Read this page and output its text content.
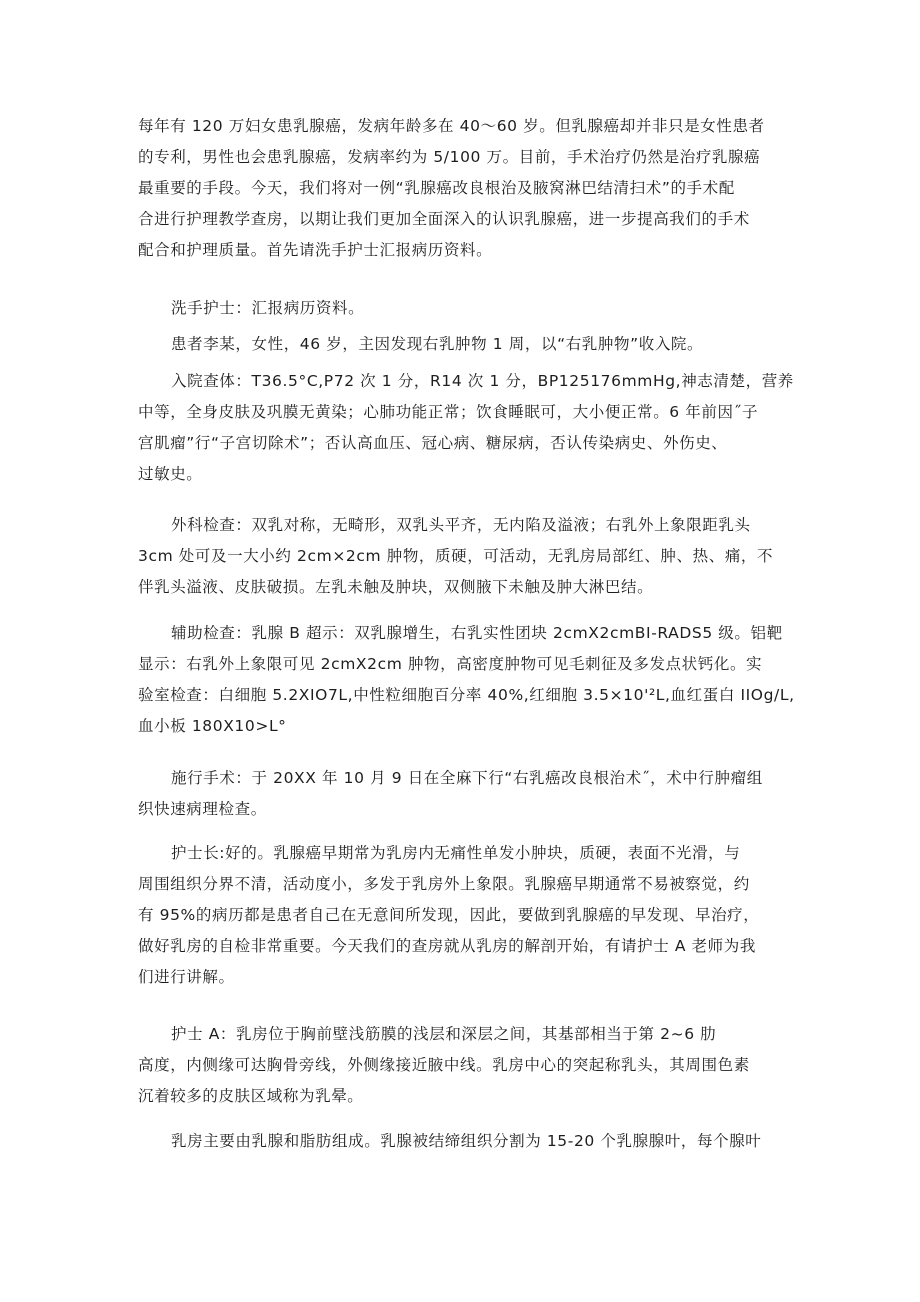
每年有 120 万妇女患乳腺癌，发病年龄多在 40～60 岁。但乳腺癌却并非只是女性患者
的专利，男性也会患乳腺癌，发病率约为 5/100 万。目前，手术治疗仍然是治疗乳腺癌
最重要的手段。今天，我们将对一例“乳腺癌改良根治及腋窝淋巴结清扫术”的手术配
合进行护理教学查房，以期让我们更加全面深入的认识乳腺癌，进一步提高我们的手术
配合和护理质量。首先请洗手护士汇报病历资料。
洗手护士：汇报病历资料。
患者李某，女性，46 岁，主因发现右乳肿物 1 周，以“右乳肿物”收入院。
入院查体：T36.5°C,P72 次 1 分，R14 次 1 分，BP125176mmHg,神志清楚，营养
中等，全身皮肤及巩膜无黄染；心肺功能正常；饮食睡眠可，大小便正常。6 年前因˝子
宫肌瘤”行“子宫切除术”；否认高血压、冠心病、糖尿病，否认传染病史、外伤史、
过敏史。
外科检查：双乳对称，无畸形，双乳头平齐，无内陷及溢液；右乳外上象限距乳头
3cm 处可及一大小约 2cm×2cm 肿物，质硬，可活动，无乳房局部红、肿、热、痛，不
伴乳头溢液、皮肤破损。左乳未触及肿块，双侧腋下未触及肿大淋巴结。
辅助检查：乳腺 B 超示：双乳腺增生，右乳实性团块 2cmX2cmBI-RADS5 级。铝靶
显示：右乳外上象限可见 2cmX2cm 肿物，高密度肿物可见毛刺征及多发点状钙化。实
验室检查：白细胞 5.2XIO7L,中性粒细胞百分率 40%,红细胞 3.5×10'²L,血红蛋白 IIOg/L,
血小板 180X10>L°
施行手术：于 20XX 年 10 月 9 日在全麻下行“右乳癌改良根治术˝，术中行肿瘤组
织快速病理检查。
护士长:好的。乳腺癌早期常为乳房内无痛性单发小肿块，质硬，表面不光滑，与
周围组织分界不清，活动度小，多发于乳房外上象限。乳腺癌早期通常不易被察觉，约
有 95%的病历都是患者自己在无意间所发现，因此，要做到乳腺癌的早发现、早治疗，
做好乳房的自检非常重要。今天我们的查房就从乳房的解剖开始，有请护士 A 老师为我
们进行讲解。
护士 A：乳房位于胸前壁浅筋膜的浅层和深层之间，其基部相当于第 2~6 肋
高度，内侧缘可达胸骨旁线，外侧缘接近腋中线。乳房中心的突起称乳头，其周围色素
沉着较多的皮肤区域称为乳晕。
乳房主要由乳腺和脂肪组成。乳腺被结缔组织分割为 15-20 个乳腺腺叶，每个腺叶
